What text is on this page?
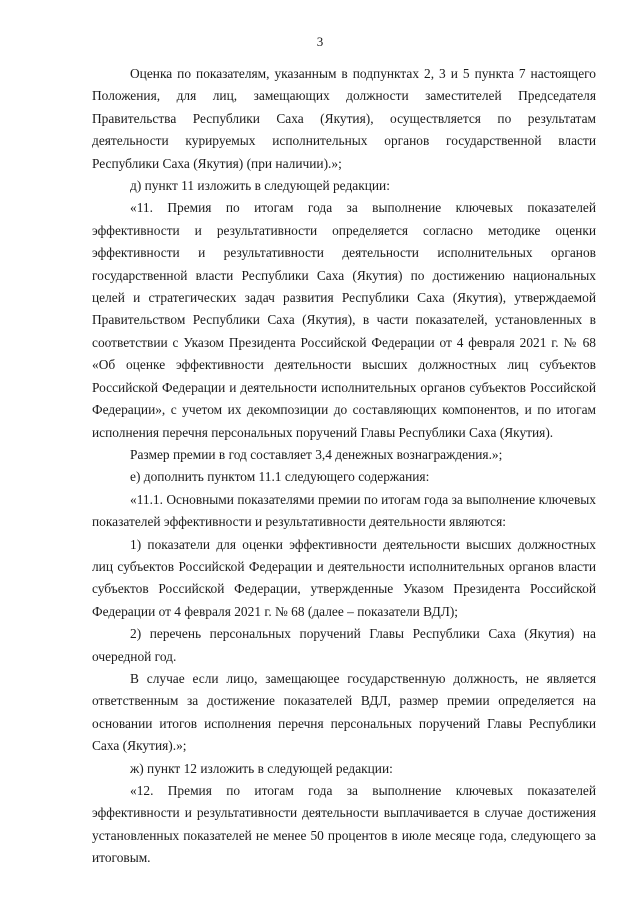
3

Оценка по показателям, указанным в подпунктах 2, 3 и 5 пункта 7 настоящего Положения, для лиц, замещающих должности заместителей Председателя Правительства Республики Саха (Якутия), осуществляется по результатам деятельности курируемых исполнительных органов государственной власти Республики Саха (Якутия) (при наличии).»;

д) пункт 11 изложить в следующей редакции:

«11. Премия по итогам года за выполнение ключевых показателей эффективности и результативности определяется согласно методике оценки эффективности и результативности деятельности исполнительных органов государственной власти Республики Саха (Якутия) по достижению национальных целей и стратегических задач развития Республики Саха (Якутия), утверждаемой Правительством Республики Саха (Якутия), в части показателей, установленных в соответствии с Указом Президента Российской Федерации от 4 февраля 2021 г. № 68 «Об оценке эффективности деятельности высших должностных лиц субъектов Российской Федерации и деятельности исполнительных органов субъектов Российской Федерации», с учетом их декомпозиции до составляющих компонентов, и по итогам исполнения перечня персональных поручений Главы Республики Саха (Якутия).

Размер премии в год составляет 3,4 денежных вознаграждения.»;

е) дополнить пунктом 11.1 следующего содержания:

«11.1. Основными показателями премии по итогам года за выполнение ключевых показателей эффективности и результативности деятельности являются:

1) показатели для оценки эффективности деятельности высших должностных лиц субъектов Российской Федерации и деятельности исполнительных органов власти субъектов Российской Федерации, утвержденные Указом Президента Российской Федерации от 4 февраля 2021 г. № 68 (далее – показатели ВДЛ);

2) перечень персональных поручений Главы Республики Саха (Якутия) на очередной год.

В случае если лицо, замещающее государственную должность, не является ответственным за достижение показателей ВДЛ, размер премии определяется на основании итогов исполнения перечня персональных поручений Главы Республики Саха (Якутия).»;

ж) пункт 12 изложить в следующей редакции:

«12. Премия по итогам года за выполнение ключевых показателей эффективности и результативности деятельности выплачивается в случае достижения установленных показателей не менее 50 процентов в июле месяце года, следующего за итоговым.
